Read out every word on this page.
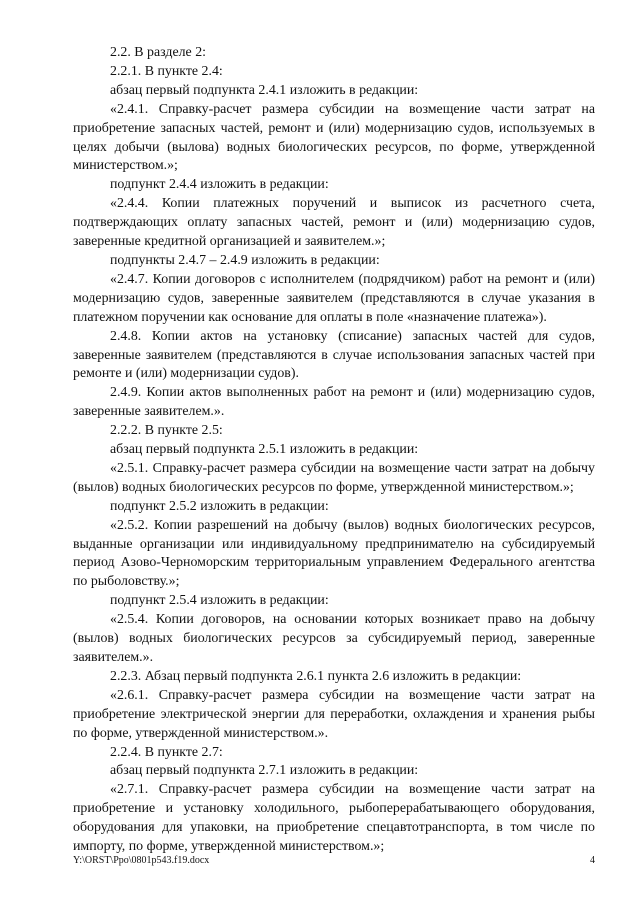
2.2. В разделе 2:

2.2.1. В пункте 2.4:

абзац первый подпункта 2.4.1 изложить в редакции:

«2.4.1. Справку-расчет размера субсидии на возмещение части затрат на приобретение запасных частей, ремонт и (или) модернизацию судов, используемых в целях добычи (вылова) водных биологических ресурсов, по форме, утвержденной министерством.»;

подпункт 2.4.4 изложить в редакции:

«2.4.4. Копии платежных поручений и выписок из расчетного счета, подтверждающих оплату запасных частей, ремонт и (или) модернизацию судов, заверенные кредитной организацией и заявителем.»;

подпункты 2.4.7 – 2.4.9 изложить в редакции:

«2.4.7. Копии договоров с исполнителем (подрядчиком) работ на ремонт и (или) модернизацию судов, заверенные заявителем (представляются в случае указания в платежном поручении как основание для оплаты в поле «назначение платежа»).

2.4.8. Копии актов на установку (списание) запасных частей для судов, заверенные заявителем (представляются в случае использования запасных частей при ремонте и (или) модернизации судов).

2.4.9. Копии актов выполненных работ на ремонт и (или) модернизацию судов, заверенные заявителем.».

2.2.2. В пункте 2.5:

абзац первый подпункта 2.5.1 изложить в редакции:

«2.5.1. Справку-расчет размера субсидии на возмещение части затрат на добычу (вылов) водных биологических ресурсов по форме, утвержденной министерством.»;

подпункт 2.5.2 изложить в редакции:

«2.5.2. Копии разрешений на добычу (вылов) водных биологических ресурсов, выданные организации или индивидуальному предпринимателю на субсидируемый период Азово-Черноморским территориальным управлением Федерального агентства по рыболовству.»;

подпункт 2.5.4 изложить в редакции:

«2.5.4. Копии договоров, на основании которых возникает право на добычу (вылов) водных биологических ресурсов за субсидируемый период, заверенные заявителем.».

2.2.3. Абзац первый подпункта 2.6.1 пункта 2.6 изложить в редакции:

«2.6.1. Справку-расчет размера субсидии на возмещение части затрат на приобретение электрической энергии для переработки, охлаждения и хранения рыбы по форме, утвержденной министерством.».

2.2.4. В пункте 2.7:

абзац первый подпункта 2.7.1 изложить в редакции:

«2.7.1. Справку-расчет размера субсидии на возмещение части затрат на приобретение и установку холодильного, рыбоперерабатывающего оборудования, оборудования для упаковки, на приобретение спецавтотранспорта, в том числе по импорту, по форме, утвержденной министерством.»;

Y:\ORST\Ppo\0801p543.f19.docx	4
